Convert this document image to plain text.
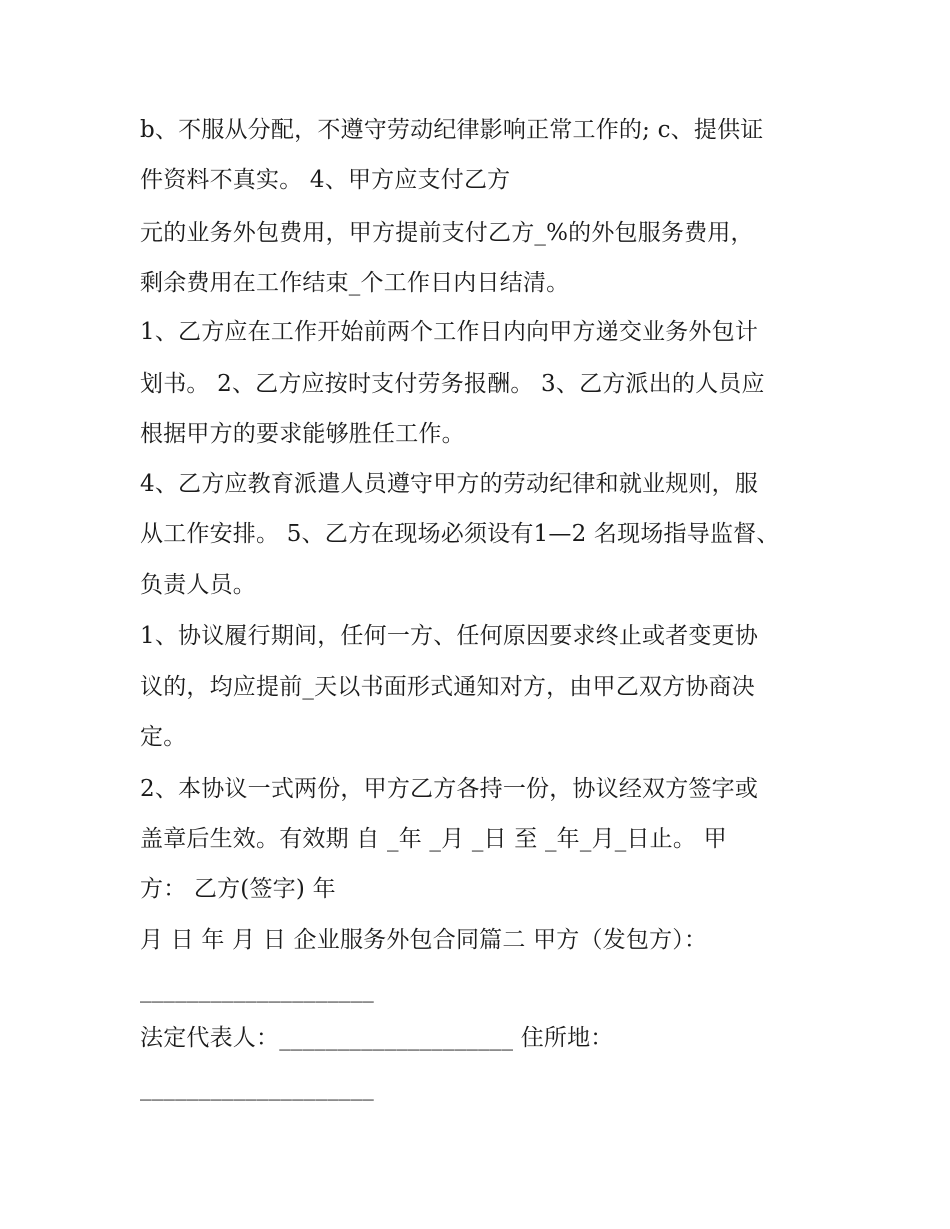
b、不服从分配，不遵守劳动纪律影响正常工作的; c、提供证

件资料不真实。 4、甲方应支付乙方

元的业务外包费用，甲方提前支付乙方_%的外包服务费用，

剩余费用在工作结束_个工作日内日结清。

1、乙方应在工作开始前两个工作日内向甲方递交业务外包计

划书。 2、乙方应按时支付劳务报酬。 3、乙方派出的人员应

根据甲方的要求能够胜任工作。

4、乙方应教育派遣人员遵守甲方的劳动纪律和就业规则，服

从工作安排。 5、乙方在现场必须设有1—2 名现场指导监督、

负责人员。

1、协议履行期间，任何一方、任何原因要求终止或者变更协

议的，均应提前_天以书面形式通知对方，由甲乙双方协商决

定。

2、本协议一式两份，甲方乙方各持一份，协议经双方签字或

盖章后生效。有效期 自 _年 _月 _日 至 _年_月_日止。 甲

方： 乙方(签字) 年

月 日 年 月 日 企业服务外包合同篇二 甲方（发包方）：

____________________

法定代表人：____________________ 住所地：

____________________
